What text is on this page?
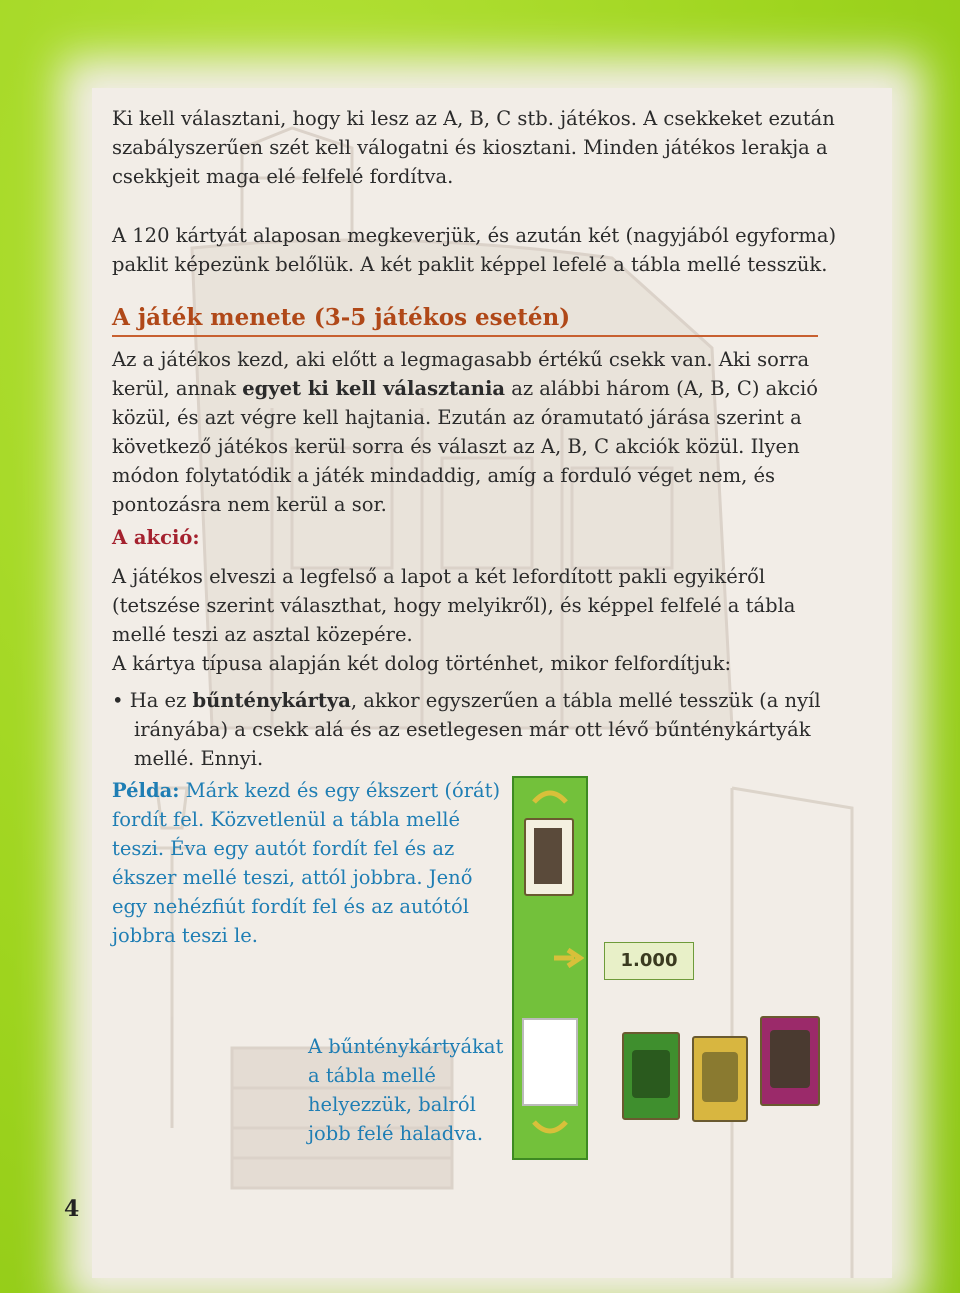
Ki kell választani, hogy ki lesz az A, B, C stb. játékos. A csekkeket ezután szabályszerűen szét kell válogatni és kiosztani. Minden játékos lerakja a csekkjeit maga elé felfelé fordítva.

A 120 kártyát alaposan megkeverjük, és azután két (nagyjából egyforma) paklit képezünk belőlük. A két paklit képpel lefelé a tábla mellé tesszük.

A játék menete (3-5 játékos esetén)

Az a játékos kezd, aki előtt a legmagasabb értékű csekk van. Aki sorra kerül, annak egyet ki kell választania az alábbi három (A, B, C) akció közül, és azt végre kell hajtania. Ezután az óramutató járása szerint a következő játékos kerül sorra és választ az A, B, C akciók közül. Ilyen módon folytatódik a játék mindaddig, amíg a forduló véget nem, és pontozásra nem kerül a sor.

A akció:

A játékos elveszi a legfelső a lapot a két lefordított pakli egyikéről (tetszése szerint választhat, hogy melyikről), és képpel felfelé a tábla mellé teszi az asztal közepére.

A kártya típusa alapján két dolog történhet, mikor felfordítjuk:

• Ha ez bűnténykártya, akkor egyszerűen a tábla mellé tesszük (a nyíl irányába) a csekk alá és az esetlegesen már ott lévő bűnténykártyák mellé. Ennyi.

Példa: Márk kezd és egy ékszert (órát) fordít fel. Közvetlenül a tábla mellé teszi. Éva egy autót fordít fel és az ékszer mellé teszi, attól jobbra. Jenő egy nehézfiút fordít fel és az autótól jobbra teszi le.
1.000
A bűnténykártyákat a tábla mellé helyezzük, balról jobb felé haladva.
4
